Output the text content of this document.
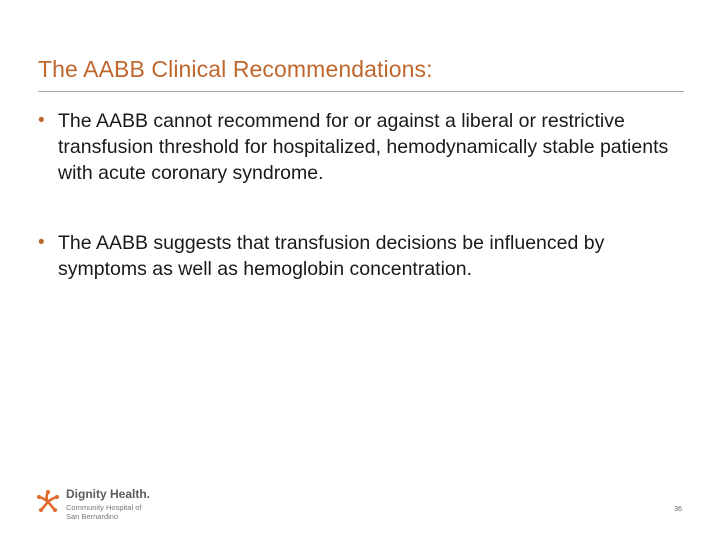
The AABB Clinical Recommendations:
• The AABB cannot recommend for or against a liberal or restrictive transfusion threshold for hospitalized, hemodynamically stable patients with acute coronary syndrome.
• The AABB suggests that transfusion decisions be influenced by symptoms as well as hemoglobin concentration.
Dignity Health.
Community Hospital of
San Bernardino
36
